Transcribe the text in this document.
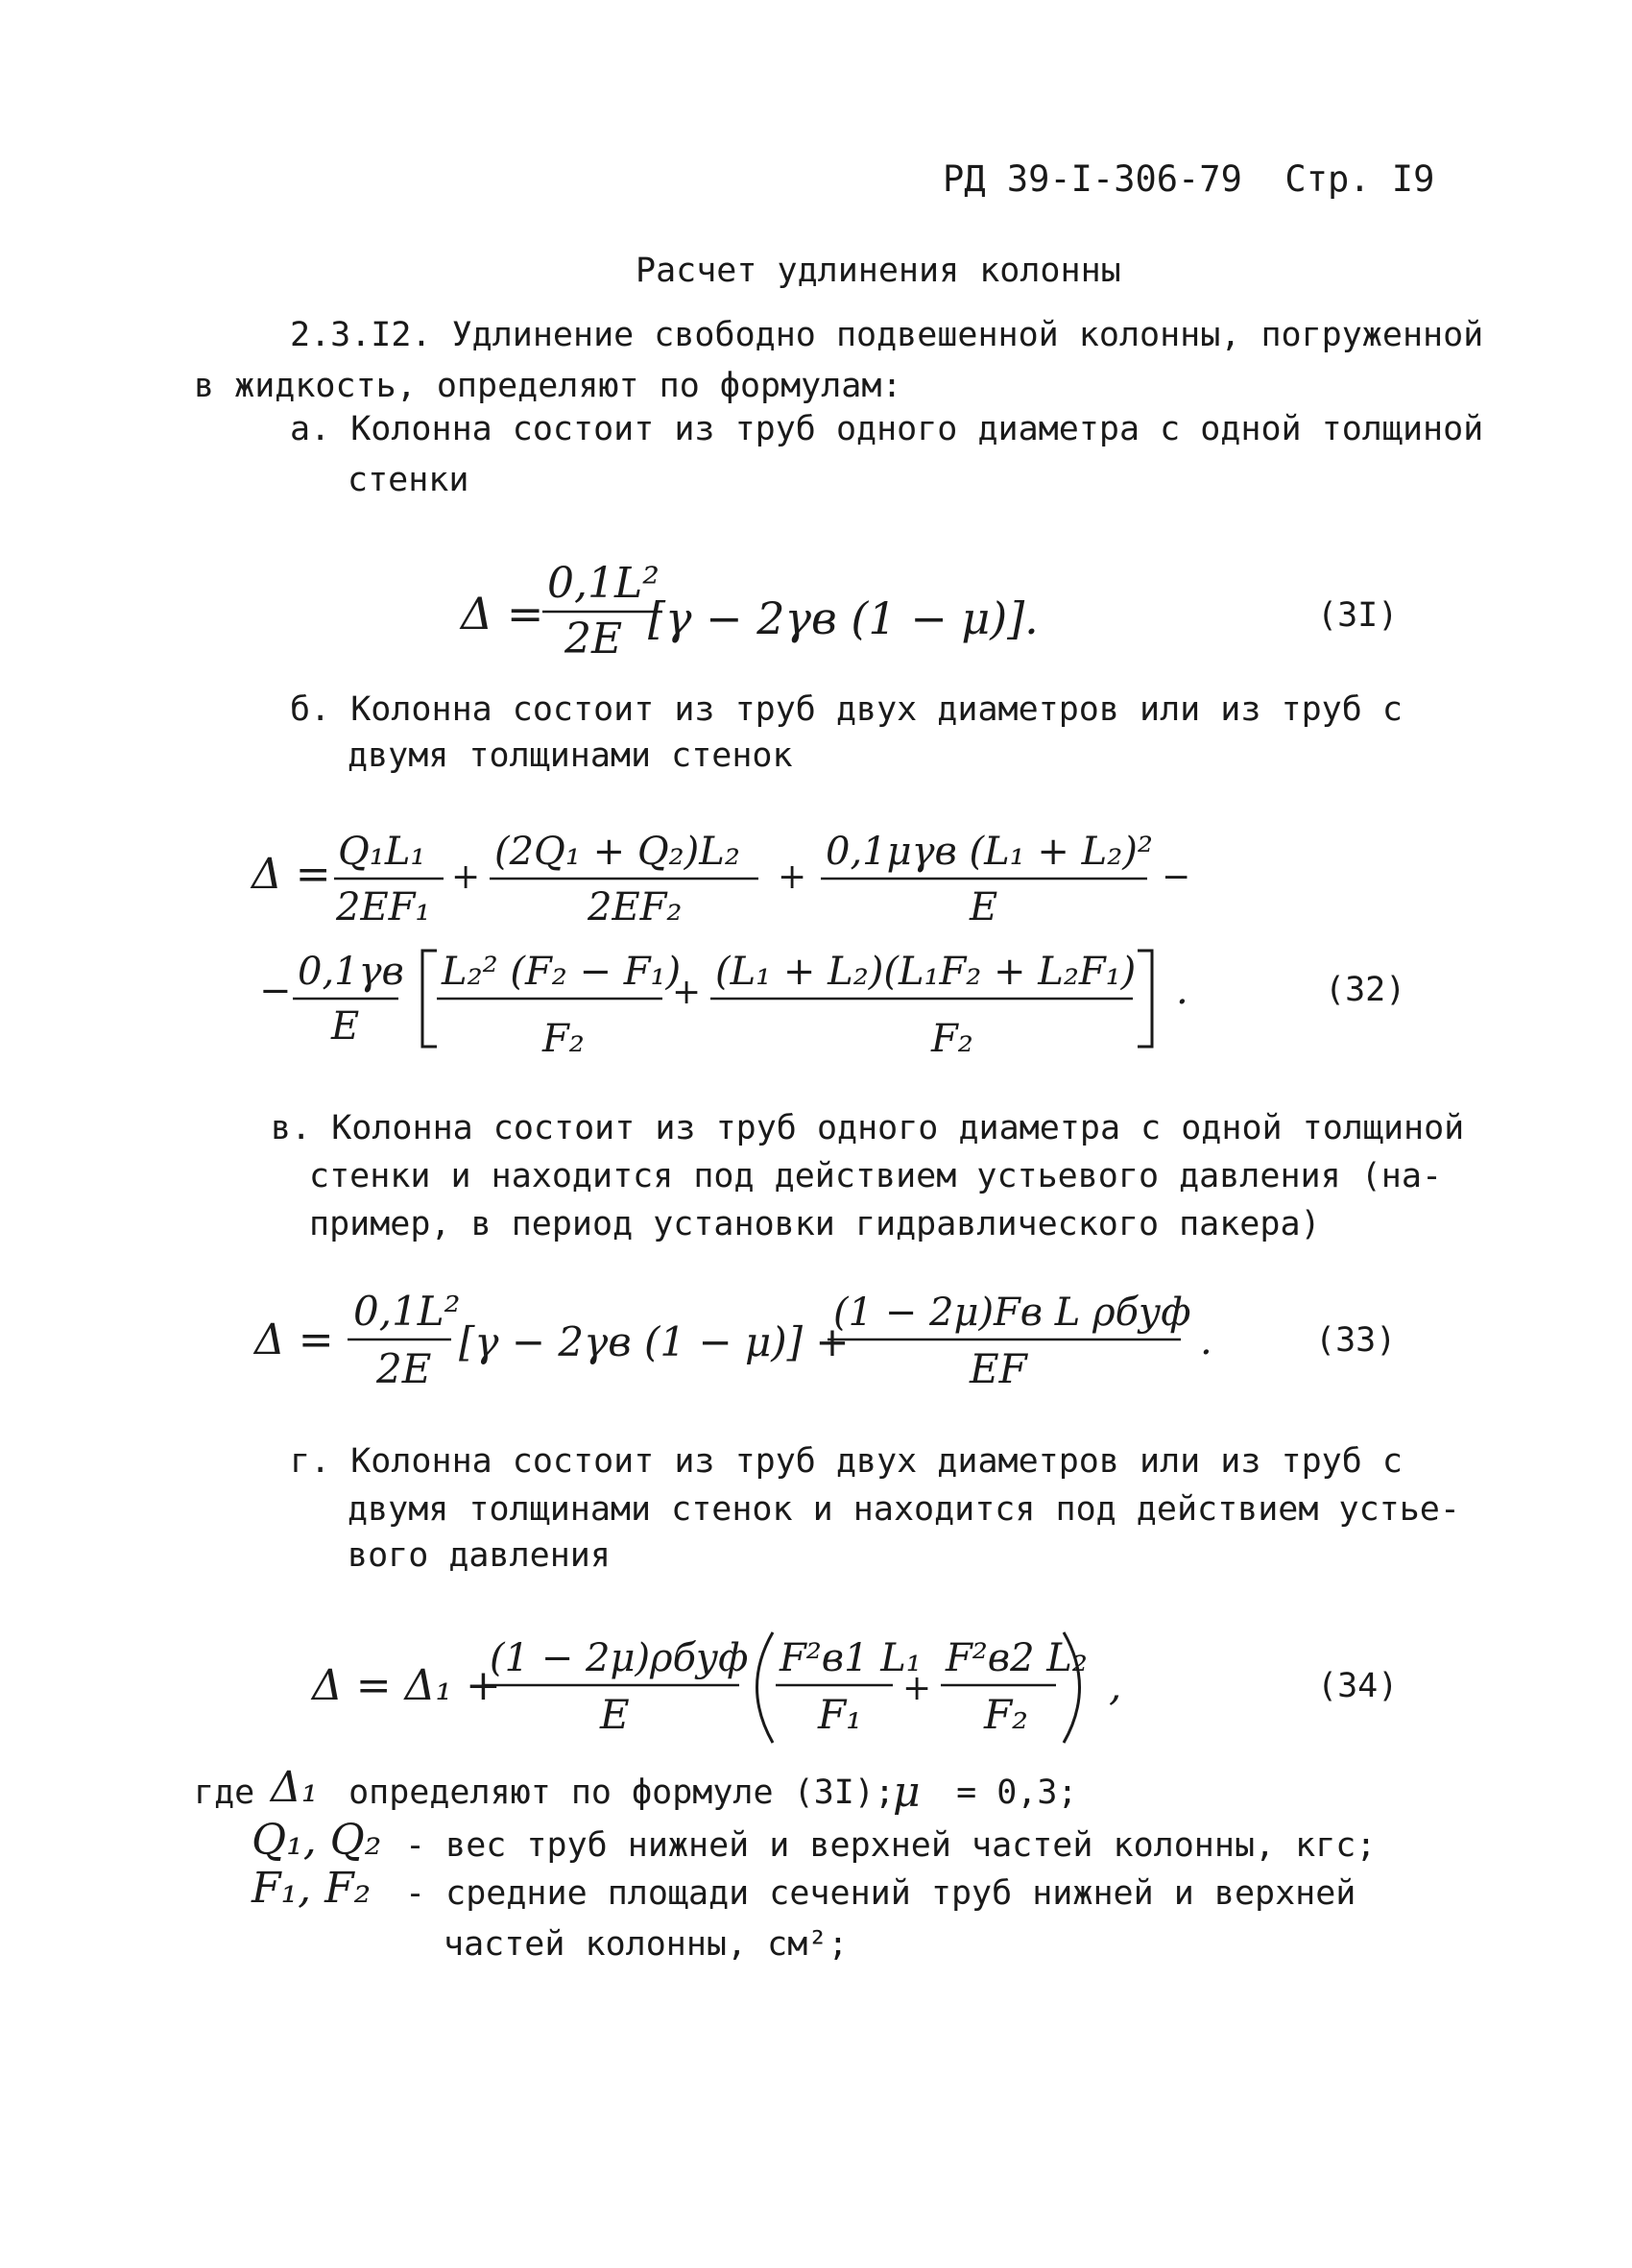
РД 39-I-306-79  Стр. I9
Расчет удлинения колонны
2.3.I2. Удлинение свободно подвешенной колонны, погруженной
в жидкость, определяют по формулам:
а. Колонна состоит из труб одного диаметра с одной толщиной
стенки
Δ =
0,1L²
2E [γ − 2γв (1 − μ)].	(3I)
Δ = Q₁L₁
2EF₁
+
(2Q₁ + Q₂)L₂
2EF₂
+
0,1μγв (L₁ + L₂)²
E
−
− 0,1γв
E
L₂² (F₂ − F₁)
F₂
+ (L₁ + L₂)(L₁F₂ + L₂F₁)
F₂
.	(32)
Δ =
0,1L²
2E
[γ − 2γв (1 − μ)] +
(1 − 2μ)Fв L ρбуф
EF
.	(33)
Δ = Δ₁ +
(1 − 2μ)ρбуф
E
F²в1 L₁
F₁
+
F²в2 L₂
F₂
,	(34)
б. Колонна состоит из труб двух диаметров или из труб с
двумя толщинами стенок
в. Колонна состоит из труб одного диаметра с одной толщиной
стенки и находится под действием устьевого давления (на-
пример, в период установки гидравлического пакера)
г. Колонна состоит из труб двух диаметров или из труб с
двумя толщинами стенок и находится под действием устье-
вого давления
где Δ₁ определяют по формуле (3I);
μ = 0,3;
Q₁, Q₂ - вес труб нижней и верхней частей колонны, кгс;
F₁, F₂ - средние площади сечений труб нижней и верхней
частей колонны, см²;
